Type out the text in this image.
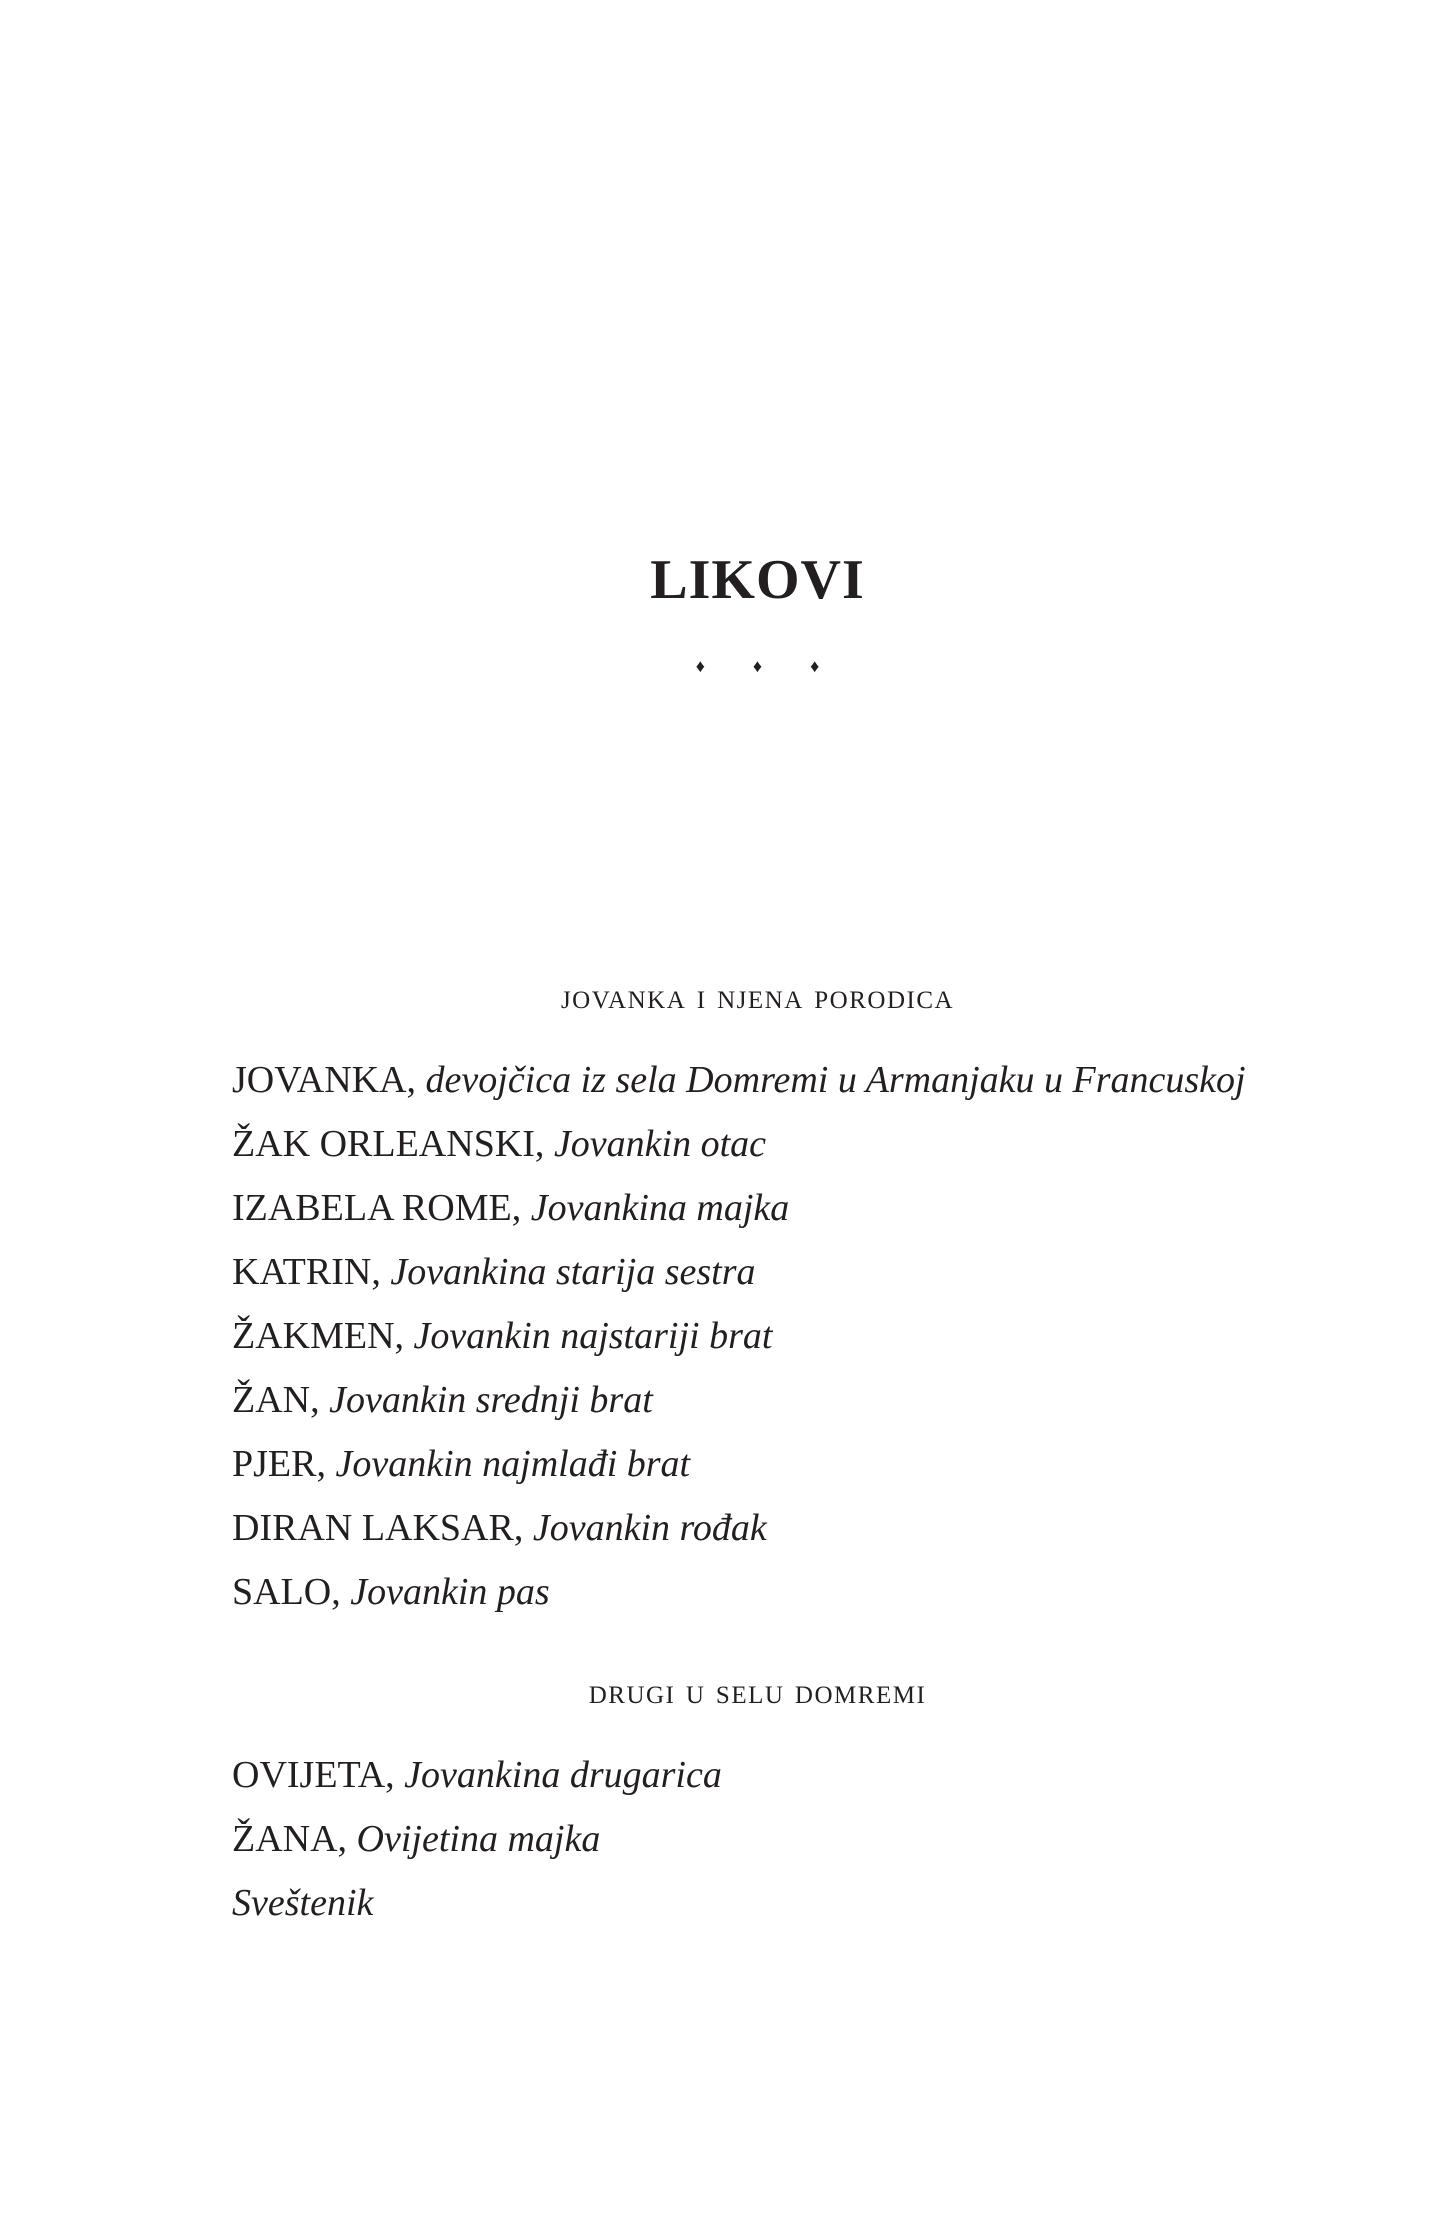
LIKOVI
♦	♦	♦
jovanka i njena porodica
JOVANKA, devojčica iz sela Domremi u Armanjaku u Francuskoj
ŽAK ORLEANSKI, Jovankin otac
IZABELA ROME, Jovankina majka
KATRIN, Jovankina starija sestra
ŽAKMEN, Jovankin najstariji brat
ŽAN, Jovankin srednji brat
PJER, Jovankin najmlađi brat
DIRAN LAKSAR, Jovankin rođak
SALO, Jovankin pas
drugi u selu domremi
OVIJETA, Jovankina drugarica
ŽANA, Ovijetina majka
Sveštenik
